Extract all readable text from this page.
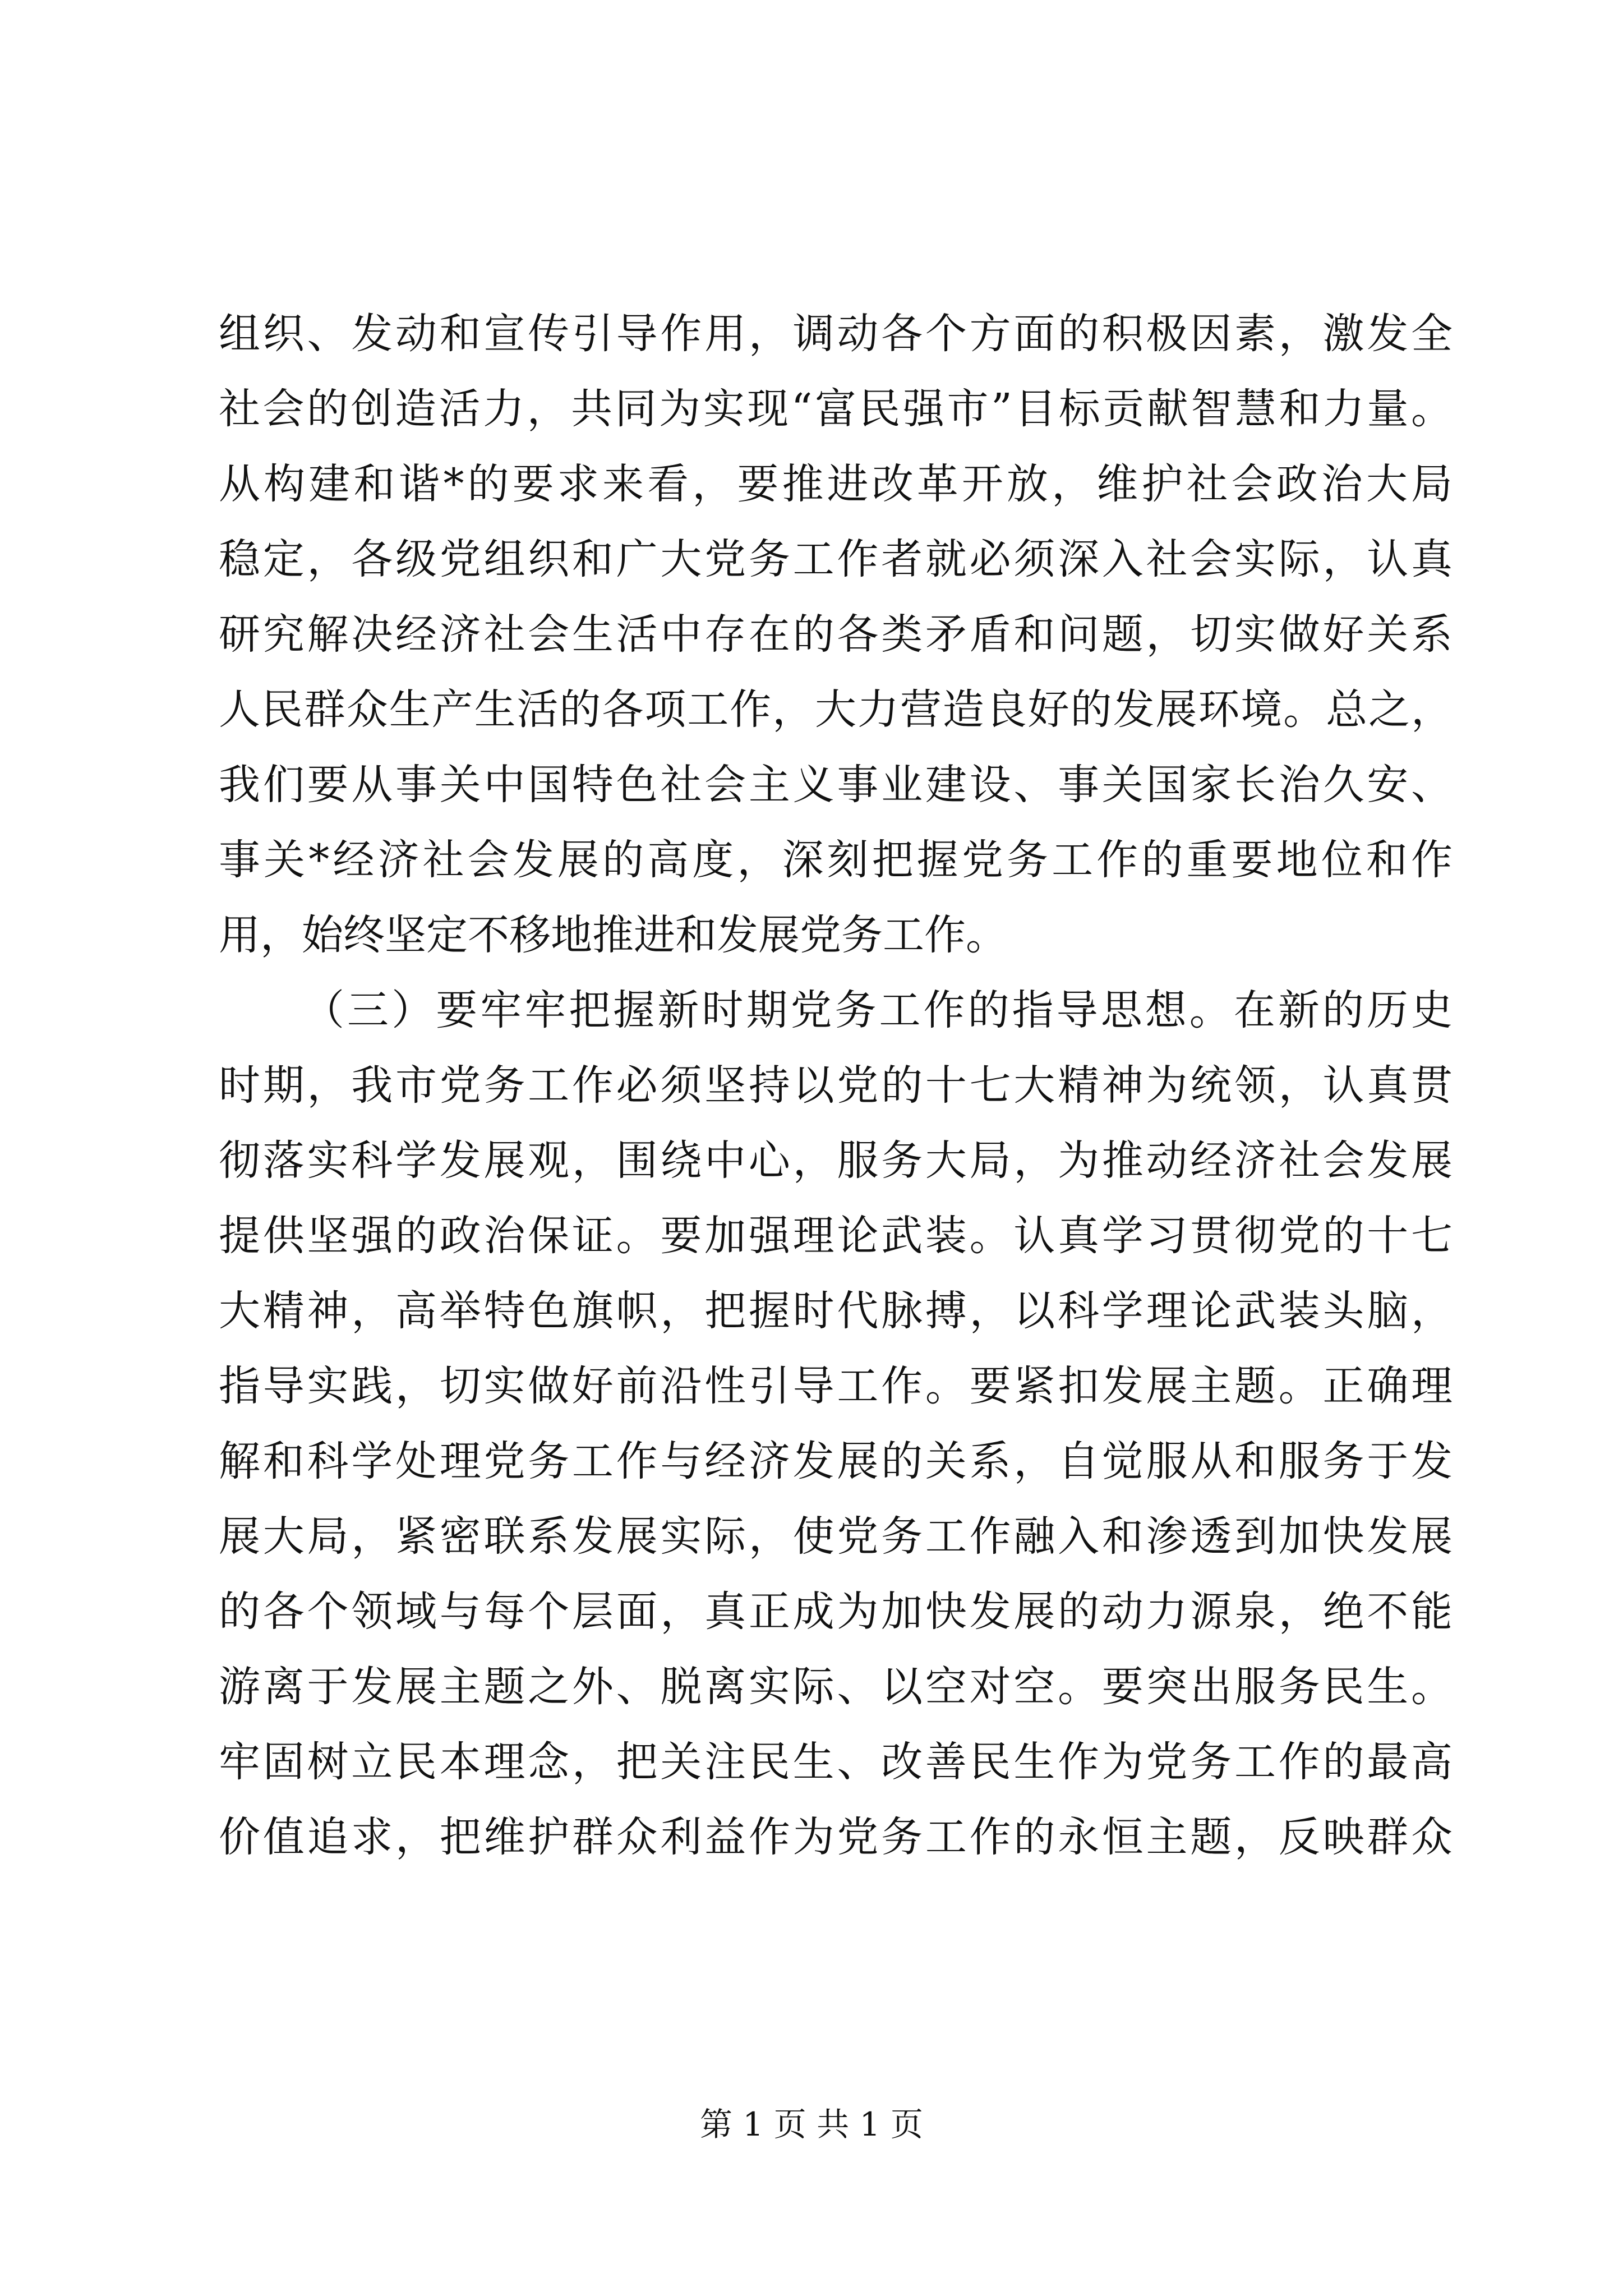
组织、发动和宣传引导作用，调动各个方面的积极因素，激发全
社会的创造活力，共同为实现“富民强市”目标贡献智慧和力量。
从构建和谐*的要求来看，要推进改革开放，维护社会政治大局
稳定，各级党组织和广大党务工作者就必须深入社会实际，认真
研究解决经济社会生活中存在的各类矛盾和问题，切实做好关系
人民群众生产生活的各项工作，大力营造良好的发展环境。总之，
我们要从事关中国特色社会主义事业建设、事关国家长治久安、
事关*经济社会发展的高度，深刻把握党务工作的重要地位和作
用，始终坚定不移地推进和发展党务工作。
（三）要牢牢把握新时期党务工作的指导思想。在新的历史
时期，我市党务工作必须坚持以党的十七大精神为统领，认真贯
彻落实科学发展观，围绕中心，服务大局，为推动经济社会发展
提供坚强的政治保证。要加强理论武装。认真学习贯彻党的十七
大精神，高举特色旗帜，把握时代脉搏，以科学理论武装头脑，
指导实践，切实做好前沿性引导工作。要紧扣发展主题。正确理
解和科学处理党务工作与经济发展的关系，自觉服从和服务于发
展大局，紧密联系发展实际，使党务工作融入和渗透到加快发展
的各个领域与每个层面，真正成为加快发展的动力源泉，绝不能
游离于发展主题之外、脱离实际、以空对空。要突出服务民生。
牢固树立民本理念，把关注民生、改善民生作为党务工作的最高
价值追求，把维护群众利益作为党务工作的永恒主题，反映群众
第 1 页 共 1 页
